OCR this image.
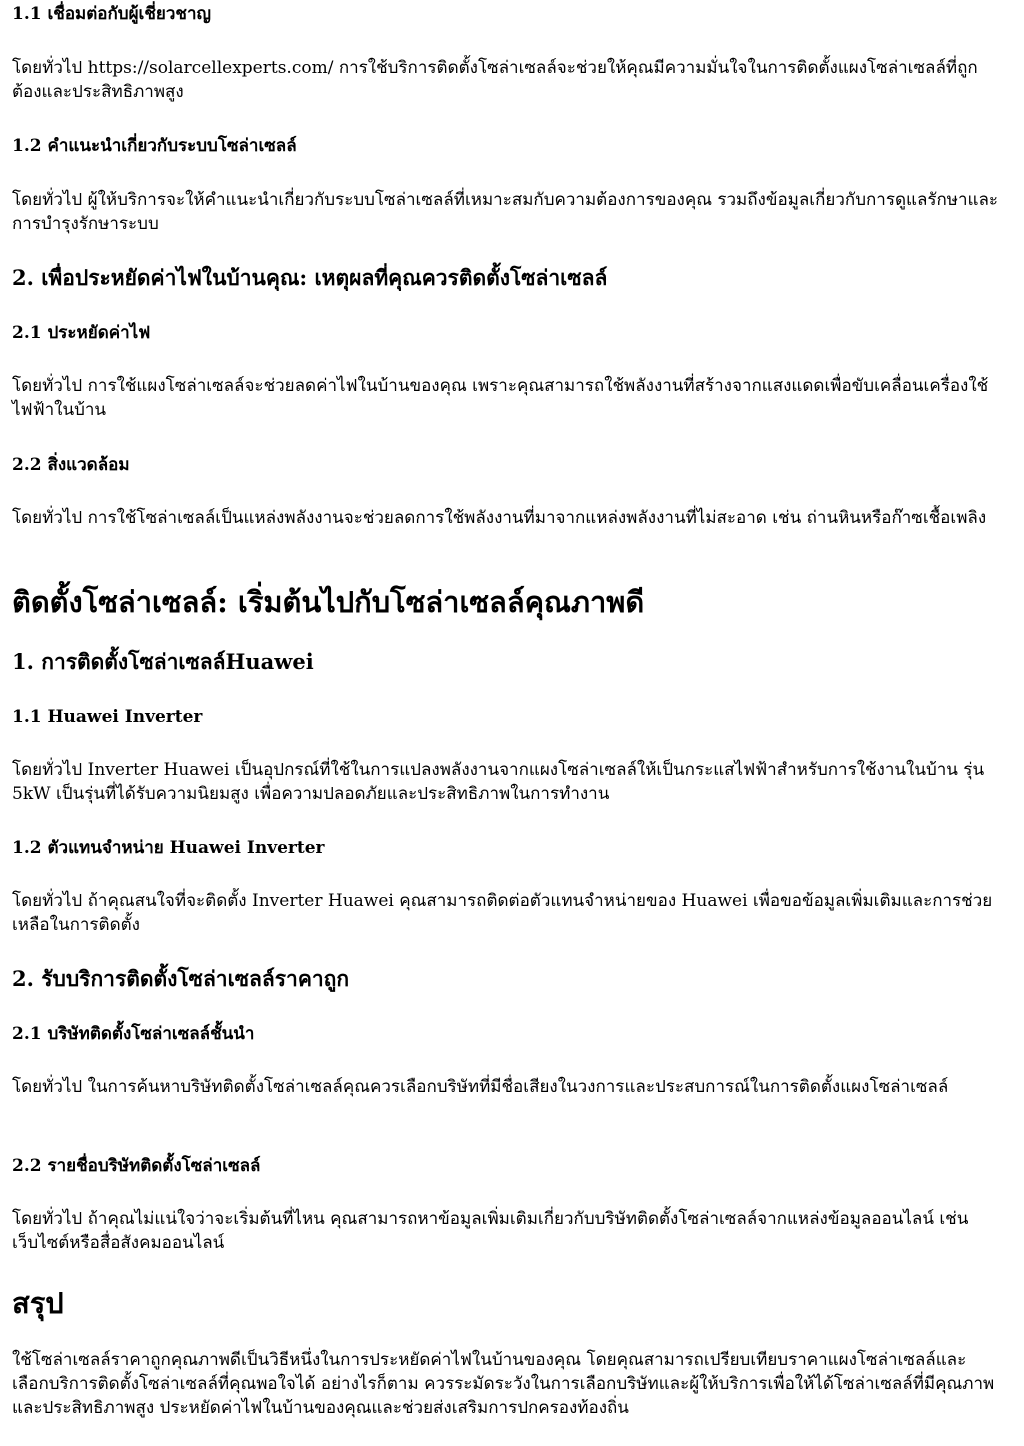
1.1 เชื่อมต่อกับผู้เชี่ยวชาญ

โดยทั่วไป https://solarcellexperts.com/ การใช้บริการติดตั้งโซล่าเซลล์จะช่วยให้คุณมีความมั่นใจในการติดตั้งแผงโซล่าเซลล์ที่ถูกต้องและประสิทธิภาพสูง

1.2 คำแนะนำเกี่ยวกับระบบโซล่าเซลล์

โดยทั่วไป ผู้ให้บริการจะให้คำแนะนำเกี่ยวกับระบบโซล่าเซลล์ที่เหมาะสมกับความต้องการของคุณ รวมถึงข้อมูลเกี่ยวกับการดูแลรักษาและการบำรุงรักษาระบบ

2. เพื่อประหยัดค่าไฟในบ้านคุณ: เหตุผลที่คุณควรติดตั้งโซล่าเซลล์
2.1 ประหยัดค่าไฟ

โดยทั่วไป การใช้แผงโซล่าเซลล์จะช่วยลดค่าไฟในบ้านของคุณ เพราะคุณสามารถใช้พลังงานที่สร้างจากแสงแดดเพื่อขับเคลื่อนเครื่องใช้ไฟฟ้าในบ้าน

2.2 สิ่งแวดล้อม

โดยทั่วไป การใช้โซล่าเซลล์เป็นแหล่งพลังงานจะช่วยลดการใช้พลังงานที่มาจากแหล่งพลังงานที่ไม่สะอาด เช่น ถ่านหินหรือก๊าซเชื้อเพลิง

ติดตั้งโซล่าเซลล์: เริ่มต้นไปกับโซล่าเซลล์คุณภาพดี
1. การติดตั้งโซล่าเซลล์Huawei
1.1 Huawei Inverter

โดยทั่วไป Inverter Huawei เป็นอุปกรณ์ที่ใช้ในการแปลงพลังงานจากแผงโซล่าเซลล์ให้เป็นกระแสไฟฟ้าสำหรับการใช้งานในบ้าน รุ่น 5kW เป็นรุ่นที่ได้รับความนิยมสูง เพื่อความปลอดภัยและประสิทธิภาพในการทำงาน

1.2 ตัวแทนจำหน่าย Huawei Inverter

โดยทั่วไป ถ้าคุณสนใจที่จะติดตั้ง Inverter Huawei คุณสามารถติดต่อตัวแทนจำหน่ายของ Huawei เพื่อขอข้อมูลเพิ่มเติมและการช่วยเหลือในการติดตั้ง

2. รับบริการติดตั้งโซล่าเซลล์ราคาถูก
2.1 บริษัทติดตั้งโซล่าเซลล์ชั้นนำ

โดยทั่วไป ในการค้นหาบริษัทติดตั้งโซล่าเซลล์คุณควรเลือกบริษัทที่มีชื่อเสียงในวงการและประสบการณ์ในการติดตั้งแผงโซล่าเซลล์

2.2 รายชื่อบริษัทติดตั้งโซล่าเซลล์

โดยทั่วไป ถ้าคุณไม่แน่ใจว่าจะเริ่มต้นที่ไหน คุณสามารถหาข้อมูลเพิ่มเติมเกี่ยวกับบริษัทติดตั้งโซล่าเซลล์จากแหล่งข้อมูลออนไลน์ เช่น เว็บไซต์หรือสื่อสังคมออนไลน์

สรุป

ใช้โซล่าเซลล์ราคาถูกคุณภาพดีเป็นวิธีหนึ่งในการประหยัดค่าไฟในบ้านของคุณ โดยคุณสามารถเปรียบเทียบราคาแผงโซล่าเซลล์และเลือกบริการติดตั้งโซล่าเซลล์ที่คุณพอใจได้ อย่างไรก็ตาม ควรระมัดระวังในการเลือกบริษัทและผู้ให้บริการเพื่อให้ได้โซล่าเซลล์ที่มีคุณภาพและประสิทธิภาพสูง ประหยัดค่าไฟในบ้านของคุณและช่วยส่งเสริมการปกครองท้องถิ่น
